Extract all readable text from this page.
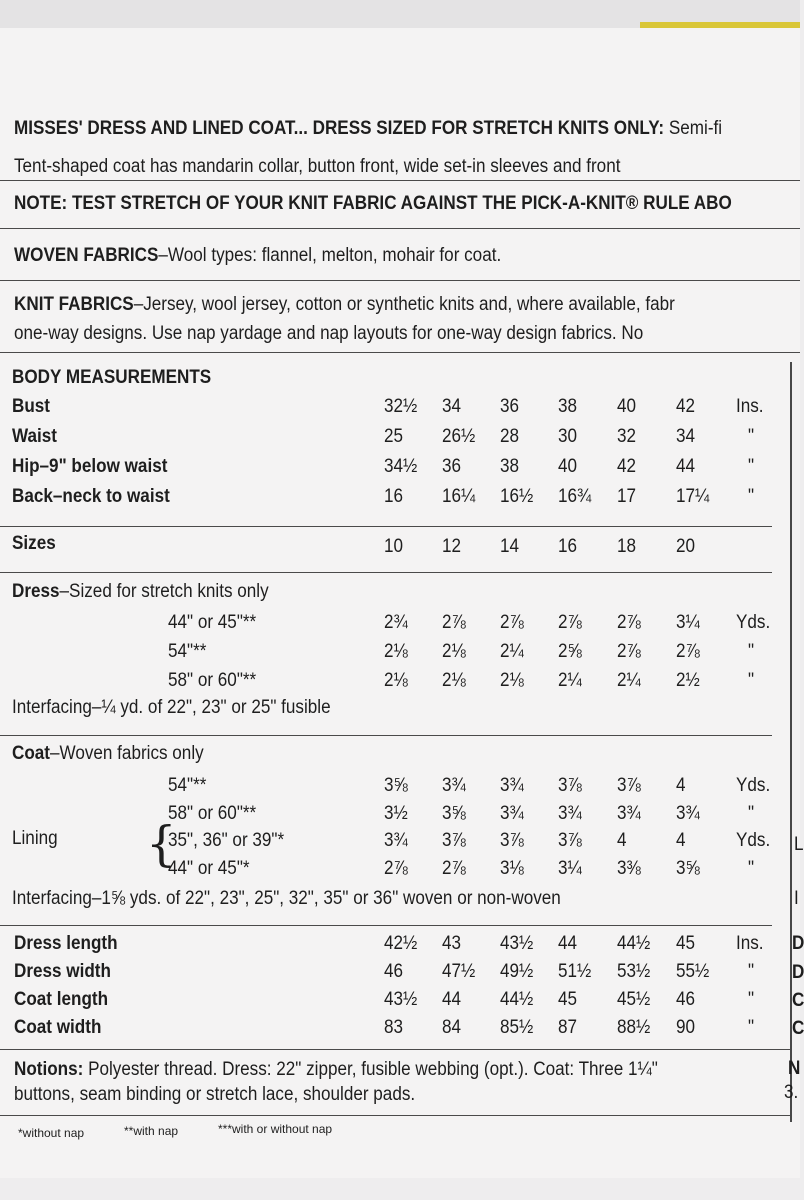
MISSES' DRESS AND LINED COAT... DRESS SIZED FOR STRETCH KNITS ONLY: Semi-fi
Tent-shaped coat has mandarin collar, button front, wide set-in sleeves and front
NOTE: TEST STRETCH OF YOUR KNIT FABRIC AGAINST THE PICK-A-KNIT® RULE ABO
WOVEN FABRICS–Wool types: flannel, melton, mohair for coat.
KNIT FABRICS–Jersey, wool jersey, cotton or synthetic knits and, where available, fabr
one-way designs. Use nap yardage and nap layouts for one-way design fabrics. No
BODY MEASUREMENTS
Bust	32½ 34 36 38 40 42 Ins.
Waist	25 26½ 28 30 32 34	"
Hip–9" below waist	34½ 36 38 40 42 44	"
Back–neck to waist	16 16¼ 16½ 16¾ 17 17¼ "
Sizes	10 12 14 16 18 20
Dress–Sized for stretch knits only
44" or 45"**	2¾ 2⅞ 2⅞ 2⅞ 2⅞ 3¼ Yds.
54"**	2⅛ 2⅛ 2¼ 2⅝ 2⅞ 2⅞	"
58" or 60"**	2⅛ 2⅛ 2⅛ 2¼ 2¼ 2½	"
Interfacing–¼ yd. of 22", 23" or 25" fusible
Coat–Woven fabrics only
54"**	3⅝ 3¾ 3¾ 3⅞ 3⅞ 4	Yds.
58" or 60"**	3½ 3⅝ 3¾ 3¾ 3¾ 3¾	"
Lining {
35", 36" or 39"*	3¾ 3⅞ 3⅞ 3⅞ 4	4	Yds.
44" or 45"*	2⅞ 2⅞ 3⅛ 3¼ 3⅜ 3⅝	"
Interfacing–1⅝ yds. of 22", 23", 25", 32", 35" or 36" woven or non-woven
Dress length	42½ 43 43½ 44 44½ 45 Ins.
Dress width	46 47½ 49½ 51½ 53½ 55½ "
Coat length	43½ 44 44½ 45 45½ 46	"
Coat width	83 84 85½ 87 88½ 90	"
Notions: Polyester thread. Dress: 22" zipper, fusible webbing (opt.). Coat: Three 1¼"
buttons, seam binding or stretch lace, shoulder pads.
*without nap	**with nap	***with or without nap
D
D
C
C
N
3.
L
I
